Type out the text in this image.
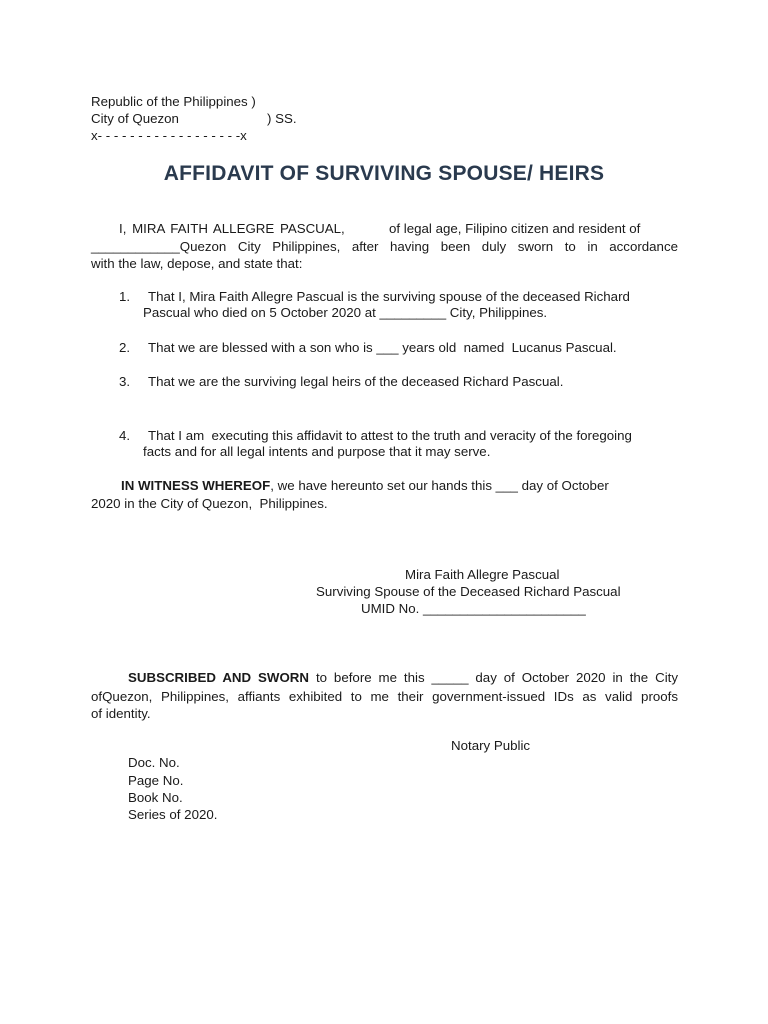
Republic of the Philippines )
City of Quezon	) SS.
x- - - - - - - - - - - - - - - - - -x
AFFIDAVIT OF SURVIVING SPOUSE/ HEIRS
I, MIRA FAITH ALLEGRE PASCUAL,	of legal age, Filipino citizen and resident of
____________Quezon City Philippines, after having been duly sworn to in accordance
with the law, depose, and state that:
1. That I, Mira Faith Allegre Pascual is the surviving spouse of the deceased Richard
Pascual who died on 5 October 2020 at _________ City, Philippines.
2. That we are blessed with a son who is ___ years old  named  Lucanus Pascual.
3. That we are the surviving legal heirs of the deceased Richard Pascual.
4. That I am  executing this affidavit to attest to the truth and veracity of the foregoing
facts and for all legal intents and purpose that it may serve.
IN WITNESS WHEREOF, we have hereunto set our hands this ___ day of October
2020 in the City of Quezon,  Philippines.
Mira Faith Allegre Pascual
Surviving Spouse of the Deceased Richard Pascual
UMID No. ______________________
SUBSCRIBED AND SWORN to before me this _____ day of October 2020 in the City
ofQuezon, Philippines, affiants exhibited to me their government-issued IDs as valid proofs
of identity.
Notary Public
Doc. No.
Page No.
Book No.
Series of 2020.
